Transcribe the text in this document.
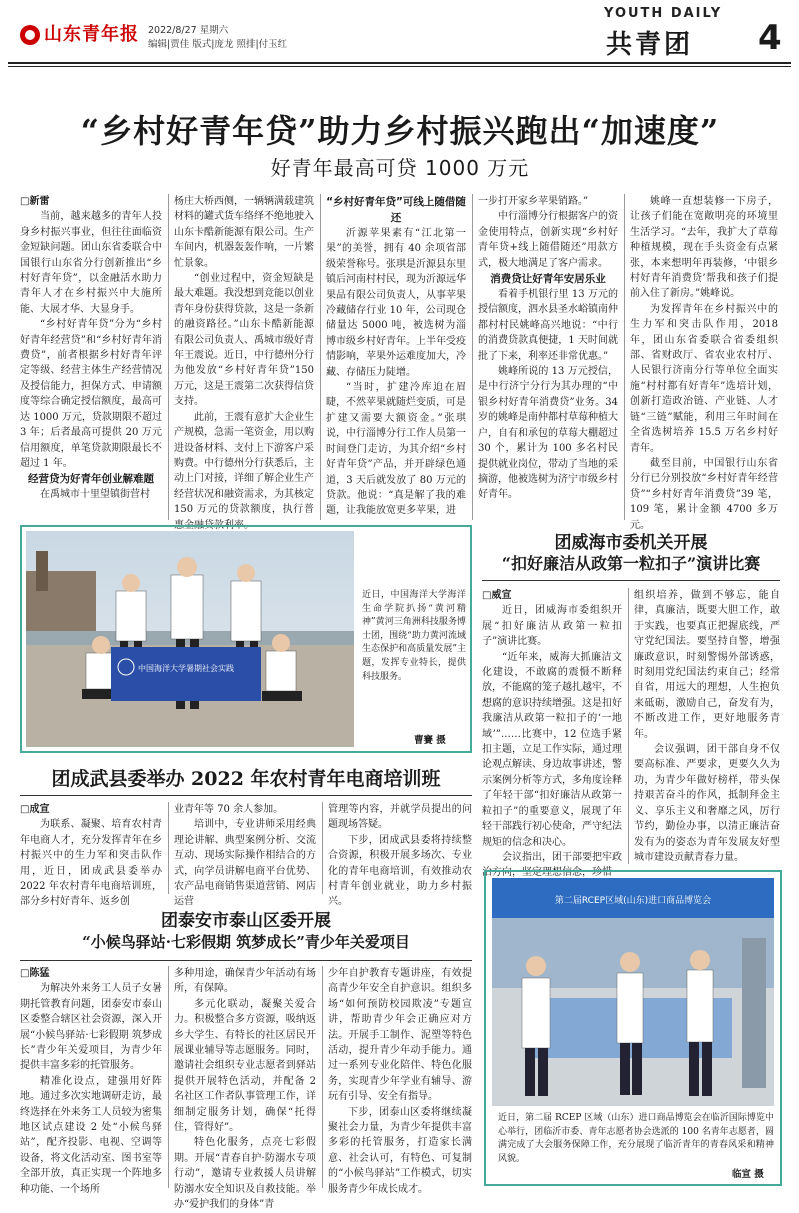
山东青年报 2022/8/27 星期六
编辑|贾佳 版式|庞龙 照排|付玉红
YOUTH DAILY
共青团 4
“乡村好青年贷”助力乡村振兴跑出“加速度”
好青年最高可贷 1000 万元

□新雷

当前，越来越多的青年人投身乡村振兴事业，但往往面临资金短缺问题。团山东省委联合中国银行山东省分行创新推出“乡村好青年贷”，以金融活水助力青年人才在乡村振兴中大施所能、大展才华、大显身手。

“乡村好青年贷”分为“乡村好青年经营贷”和“乡村好青年消费贷”，前者根据乡村好青年评定等级、经营主体生产经营情况及授信能力，担保方式、申请额度等综合确定授信额度，最高可达 1000 万元，贷款期限不超过 3 年；后者最高可提供 20 万元信用额度，单笔贷款期限最长不超过 1 年。

经营贷为好青年创业解难题

在禹城市十里望镇街营村

杨庄大桥西侧，一辆辆满载建筑材料的罐式货车络绎不绝地驶入山东卡酷新能源有限公司。生产车间内，机器轰轰作响，一片繁忙景象。

“创业过程中，资金短缺是最大难题。我没想到竞能以创业青年身份获得贷款，这是一条新的融资路径。”山东卡酷新能源有限公司负责人、禹城市级好青年王震说。近日，中行德州分行为他发放“乡村好青年贷”150 万元，这是王震第二次获得信贷支持。

此前，王震有意扩大企业生产规模，急需一笔资金，用以购进设备材料、支付上下游客户采购费。中行德州分行获悉后，主动上门对接，详细了解企业生产经营状况和融资需求，为其核定 150 万元的贷款额度，执行普惠金融贷款利率。

“乡村好青年贷”可线上随借随还

沂源苹果素有“江北第一果”的美誉，拥有 40 余项省部级荣誉称号。张琪是沂源县东里镇后河南村村民，现为沂源远华果品有限公司负责人，从事苹果冷藏储存行业 10 年，公司现仓储量达 5000 吨，被选树为淄博市级乡村好青年。上半年受疫情影响，苹果外运难度加大，冷藏、存储压力陡增。

“当时，扩建冷库迫在眉睫，不然苹果就随烂变质，可是扩建又需要大额资金。”张琪说，中行淄博分行工作人员第一时间登门走访，为其介绍“乡村好青年贷”产品，并开辟绿色通道，3 天后就发放了 80 万元的贷款。他说：“真是解了我的难题，让我能放宽更多苹果，进

一步打开家乡苹果销路。”

中行淄博分行根据客户的资金使用特点，创新实现“乡村好青年贷+线上随借随还”用款方式，极大地满足了客户需求。

消费贷让好青年安居乐业

看着手机银行里 13 万元的授信额度，泗水县圣水峪镇南仲都村村民姚峰高兴地说：“中行的消费贷款真便捷，1 天时间就批了下来，利率还非常优惠。”

姚峰所说的 13 万元授信，是中行济宁分行为其办理的“中银乡村好青年消费贷”业务。34 岁的姚峰是南仲都村草莓种植大户，自有和承包的草莓大棚超过 30 个，累计为 100 多名村民提供就业岗位，带动了当地的采摘游，他被选树为济宁市级乡村好青年。

姚峰一直想装修一下房子，让孩子们能在宽敞明亮的环境里生活学习。“去年，我扩大了草莓种植规模，现在手头资金有点紧张，本来想明年再装修，‘中银乡村好青年消费贷’帮我和孩子们提前入住了新房。”姚峰说。

为发挥青年在乡村振兴中的生力军和突击队作用，2018 年，团山东省委联合省委组织部、省财政厅、省农业农村厅、人民银行济南分行等单位全面实施“村村都有好青年”选培计划，创新打造政治链、产业链、人才链“三链”赋能，利用三年时间在全省选树培养 15.5 万名乡村好青年。

截至目前，中国银行山东省分行已分别投放“乡村好青年经营贷”“乡村好青年消费贷”39 笔，109 笔，累计金额 4700 多万元。

中国海洋大学暑期社会实践
近日，中国海洋大学海洋生命学院扒扬“黄河精神”黄河三角洲科技服务博士团，围绕“助力黄河流域生态保护和高质量发展”主题，发挥专业特长，提供科技服务。
曹賽 摄
团成武县委举办 2022 年农村青年电商培训班

□成宣

为联系、凝聚、培育农村青年电商人才，充分发挥青年在乡村振兴中的生力军和突击队作用，近日，团成武县委举办 2022 年农村青年电商培训班，部分乡村好青年、返乡创

业青年等 70 余人参加。

培训中，专业讲师采用经典理论讲解、典型案例分析、交流互动、现场实际操作相结合的方式，向学员讲解电商平台优势、农产品电商销售渠道营销、网店运营

管理等内容，并就学员提出的问题现场答疑。

下步，团成武县委将持续整合资源，积极开展多场次、专业化的青年电商培训，有效推动农村青年创业就业，助力乡村振兴。

团威海市委机关开展
“扣好廉洁从政第一粒扣子”演讲比赛

□威宣

近日，团威海市委组织开展“扣好廉洁从政第一粒扣子”演讲比赛。

“近年来，威海大抓廉洁文化建设，不敢腐的震慑不断释放，不能腐的笼子越扎越牢，不想腐的意识持续增强。这是扣好我廉洁从政第一粒扣子的‘一地域’”……比赛中，12 位选手紧扣主题，立足工作实际，通过理论观点解读、身边故事讲述，警示案例分析等方式，多角度诠释了年轻干部“扣好廉洁从政第一粒扣子”的重要意义，展现了年轻干部践行初心使命，严守纪法规矩的信念和决心。

会议指出，团干部要把牢政治方向，坚定理想信念，珍惜

组织培养，做到不够忘，能自律，真廉洁，既要大胆工作，敢于实践，也要真正把握底线，严守党纪国法。要坚持自警，增强廉政意识，时刻警惕外部诱惑，时刻用党纪国法约束自己；经常自省，用远大的理想，人生抱负来砥砺，激励自己，奋发有为，不断改进工作，更好地服务青年。

会议强调，团干部自身不仅要高标准、严要求，更要久久为功，为青少年做好榜样，带头保持艰苦奋斗的作风，抵制拜金主义、享乐主义和奢靡之风，厉行节约，勤俭办事，以清正廉洁奋发有为的姿态为青年发展友好型城市建设贡献青春力量。

团泰安市泰山区委开展
“小候鸟驿站·七彩假期 筑梦成长”青少年关爱项目

□陈猛

为解决外来务工人员子女暑期托管教育问题，团泰安市泰山区委整合辖区社会资源，深入开展“小候鸟驿站·七彩假期 筑梦成长”青少年关爱项目，为青少年提供丰富多彩的托管服务。

精准化设点，建强用好阵地。通过多次实地调研走访，最终选择在外来务工人员较为密集地区试点建设 2 处“小候鸟驿站”，配齐投影、电视、空调等设备，将文化活动室、图书室等全部开放，真正实现一个阵地多种功能、一个场所

多种用途，确保青少年活动有场所，有保障。

多元化联动，凝聚关爱合力。积极整合多方资源，吸纳返乡大学生、有特长的社区居民开展课业辅导等志愿服务。同时，邀请社会组织专业志愿者到驿站提供开展特色活动，并配备 2 名社区工作者队事管理工作，详细制定服务计划，确保“托得住，管得好”。

特色化服务，点亮七彩假期。开展“青春自护·防溺水专项行动”，邀请专业救援人员讲解防溺水安全知识及自救技能。举办“爱护我们的身体”青

少年自护教育专题讲座，有效提高青少年安全自护意识。组织多场“如何预防校园欺凌”专题宣讲，帮助青少年会正确应对方法。开展手工制作、泥塑等特色活动，提升青少年动手能力。通过一系列专业化陪伴、特色化服务，实现青少年学业有辅导、游玩有引导、安全有指导。

下步，团泰山区委将继续凝聚社会力量，为青少年提供丰富多彩的托管服务，打造家长满意、社会认可，有特色、可复制的“小候鸟驿站”工作模式，切实服务青少年成长成才。

第二届RCEP区域(山东)进口商品博览会
近日，第二届 RCEP 区域（山东）进口商品博览会在临沂国际博览中心举行，团临沂市委、青年志愿者协会选派的 100 名青年志愿者，圆满完成了大会服务保障工作，充分展现了临沂青年的青春风采和精神风貌。
临宣 摄
